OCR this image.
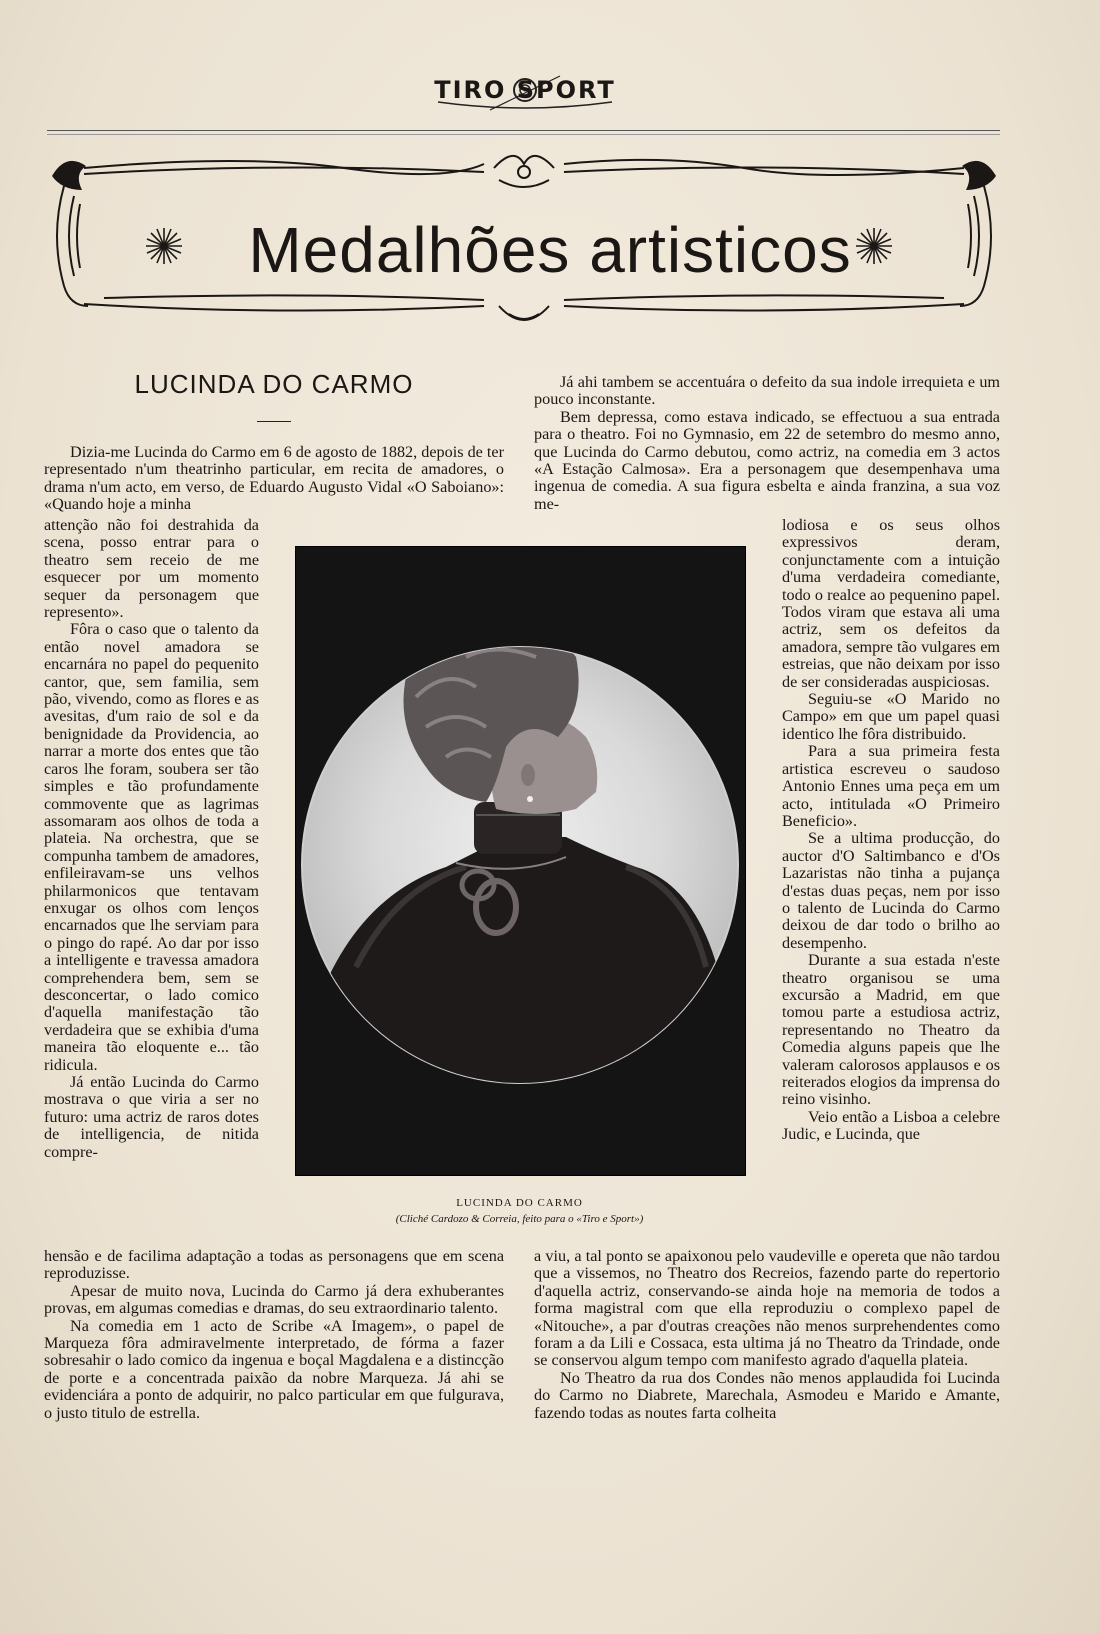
TIRO SPORT
Medalhões artisticos
LUCINDA DO CARMO

Dizia-me Lucinda do Carmo em 6 de agosto de 1882, depois de ter representado n'um theatrinho particular, em recita de amadores, o drama n'um acto, em verso, de Eduardo Augusto Vidal «O Saboiano»: «Quando hoje a minha

attenção não foi destrahida da scena, posso entrar para o theatro sem receio de me esquecer por um momento sequer da personagem que represento».

Fôra o caso que o talento da então novel amadora se encarnára no papel do pequenito cantor, que, sem familia, sem pão, vivendo, como as flores e as avesitas, d'um raio de sol e da benignidade da Providencia, ao narrar a morte dos entes que tão caros lhe foram, soubera ser tão simples e tão profundamente commovente que as lagrimas assomaram aos olhos de toda a plateia. Na orchestra, que se compunha tambem de amadores, enfileiravam-se uns velhos philarmonicos que tentavam enxugar os olhos com lenços encarnados que lhe serviam para o pingo do rapé. Ao dar por isso a intelligente e travessa amadora comprehendera bem, sem se desconcertar, o lado comico d'aquella manifestação tão verdadeira que se exhibia d'uma maneira tão eloquente e... tão ridicula.

Já então Lucinda do Carmo mostrava o que viria a ser no futuro: uma actriz de raros dotes de intelligencia, de nitida compre-

hensão e de facilima adaptação a todas as personagens que em scena reproduzisse.

Apesar de muito nova, Lucinda do Carmo já dera exhuberantes provas, em algumas comedias e dramas, do seu extraordinario talento.

Na comedia em 1 acto de Scribe «A Imagem», o papel de Marqueza fôra admiravelmente interpretado, de fórma a fazer sobresahir o lado comico da ingenua e boçal Magdalena e a distincção de porte e a concentrada paixão da nobre Marqueza. Já ahi se evidenciára a ponto de adquirir, no palco particular em que fulgurava, o justo titulo de estrella.

Já ahi tambem se accentuára o defeito da sua indole irrequieta e um pouco inconstante.

Bem depressa, como estava indicado, se effectuou a sua entrada para o theatro. Foi no Gymnasio, em 22 de setembro do mesmo anno, que Lucinda do Carmo debutou, como actriz, na comedia em 3 actos «A Estação Calmosa». Era a personagem que desempenhava uma ingenua de comedia. A sua figura esbelta e ainda franzina, a sua voz me-

lodiosa e os seus olhos expressivos deram, conjunctamente com a intuição d'uma verdadeira comediante, todo o realce ao pequenino papel. Todos viram que estava ali uma actriz, sem os defeitos da amadora, sempre tão vulgares em estreias, que não deixam por isso de ser consideradas auspiciosas.

Seguiu-se «O Marido no Campo» em que um papel quasi identico lhe fôra distribuido.

Para a sua primeira festa artistica escreveu o saudoso Antonio Ennes uma peça em um acto, intitulada «O Primeiro Beneficio».

Se a ultima producção, do auctor d'O Saltimbanco e d'Os Lazaristas não tinha a pujança d'estas duas peças, nem por isso o talento de Lucinda do Carmo deixou de dar todo o brilho ao desempenho.

Durante a sua estada n'este theatro organisou se uma excursão a Madrid, em que tomou parte a estudiosa actriz, representando no Theatro da Comedia alguns papeis que lhe valeram calorosos applausos e os reiterados elogios da imprensa do reino visinho.

Veio então a Lisboa a celebre Judic, e Lucinda, que

a viu, a tal ponto se apaixonou pelo vaudeville e opereta que não tardou que a vissemos, no Theatro dos Recreios, fazendo parte do repertorio d'aquella actriz, conservando-se ainda hoje na memoria de todos a forma magistral com que ella reproduziu o complexo papel de «Nitouche», a par d'outras creações não menos surprehendentes como foram a da Lili e Cossaca, esta ultima já no Theatro da Trindade, onde se conservou algum tempo com manifesto agrado d'aquella plateia.

No Theatro da rua dos Condes não menos applaudida foi Lucinda do Carmo no Diabrete, Marechala, Asmodeu e Marido e Amante, fazendo todas as noutes farta colheita

LUCINDA DO CARMO
(Cliché Cardozo & Correia, feito para o «Tiro e Sport»)
